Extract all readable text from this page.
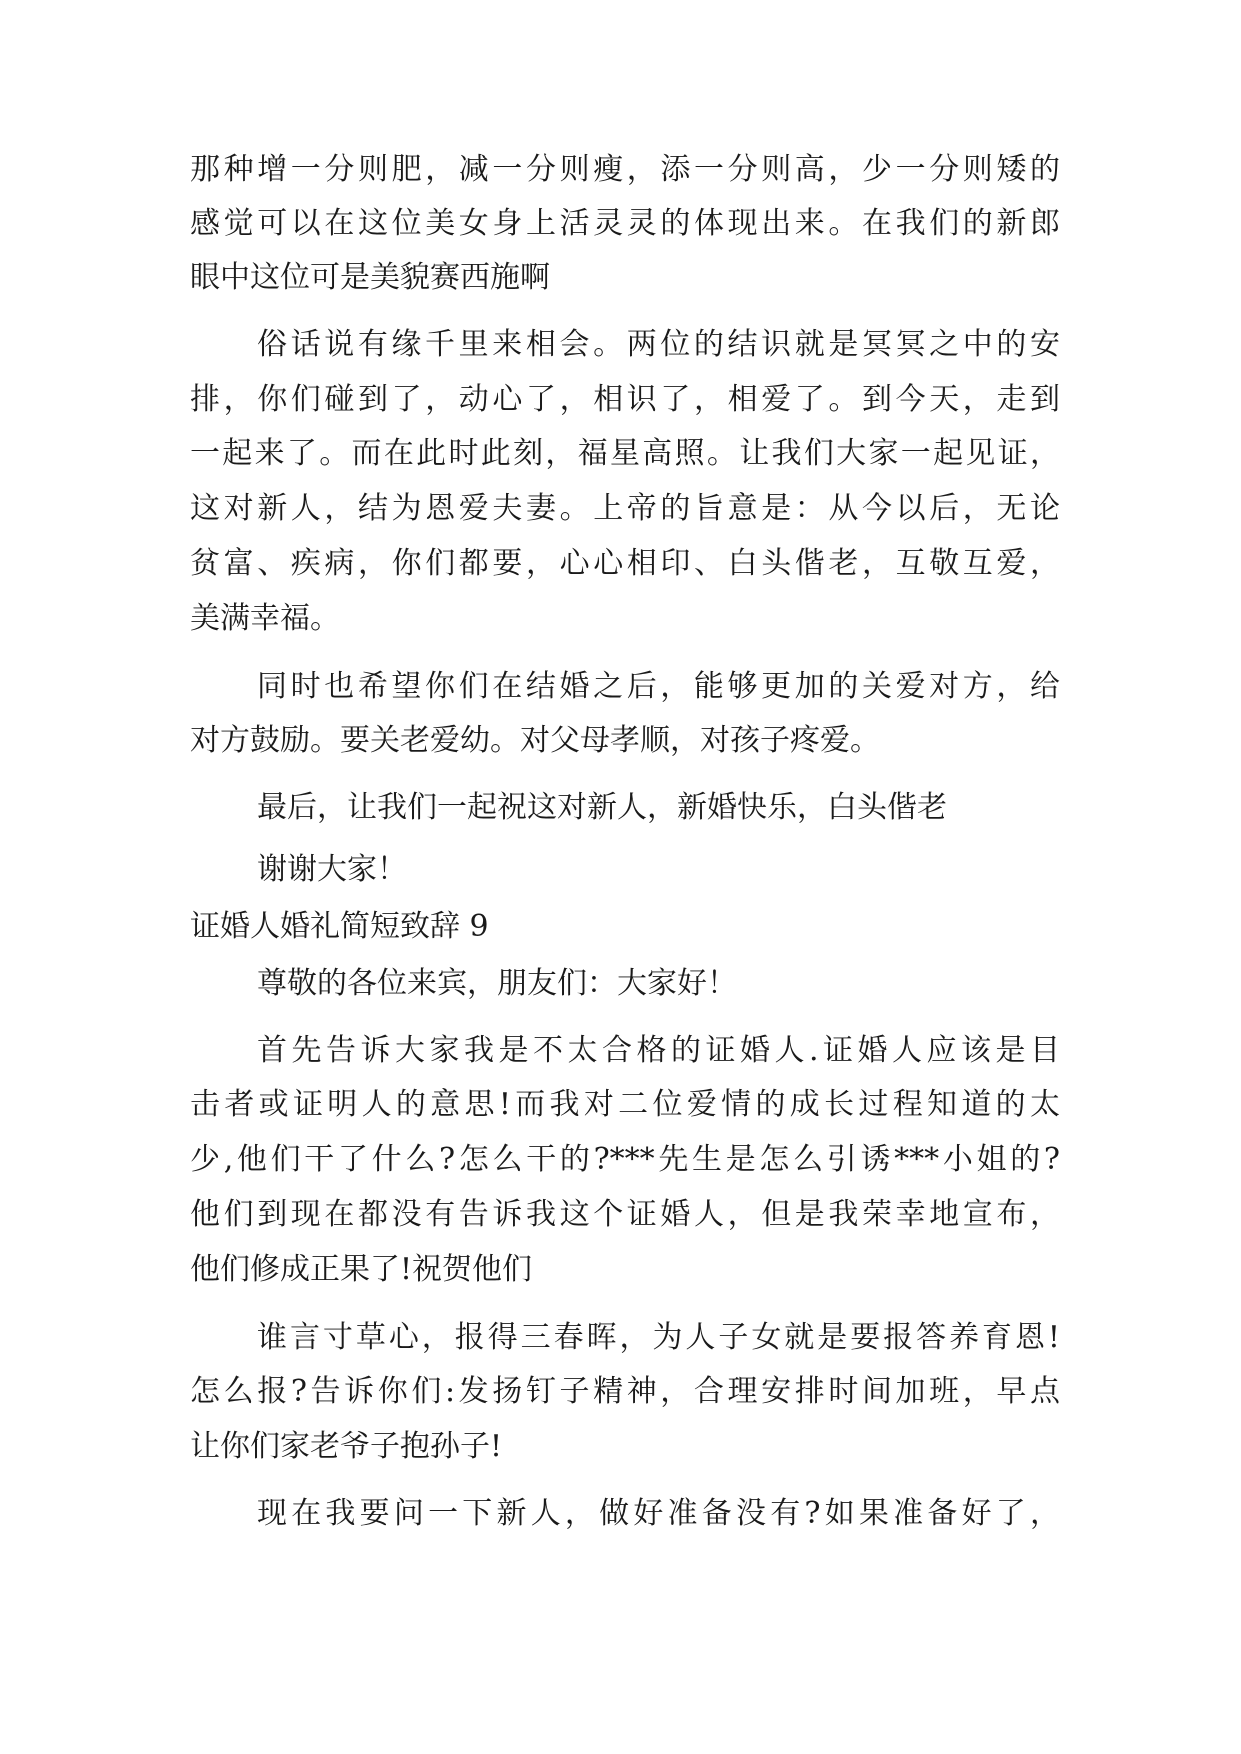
那种增一分则肥，减一分则瘦，添一分则高，少一分则矮的
感觉可以在这位美女身上活灵灵的体现出来。在我们的新郎
眼中这位可是美貌赛西施啊
俗话说有缘千里来相会。两位的结识就是冥冥之中的安
排，你们碰到了，动心了，相识了，相爱了。到今天，走到
一起来了。而在此时此刻，福星高照。让我们大家一起见证，
这对新人，结为恩爱夫妻。上帝的旨意是：从今以后，无论
贫富、疾病，你们都要，心心相印、白头偕老，互敬互爱，
美满幸福。
同时也希望你们在结婚之后，能够更加的关爱对方，给
对方鼓励。要关老爱幼。对父母孝顺，对孩子疼爱。
最后，让我们一起祝这对新人，新婚快乐，白头偕老
谢谢大家！
证婚人婚礼简短致辞 9
尊敬的各位来宾，朋友们：大家好！
首先告诉大家我是不太合格的证婚人.证婚人应该是目
击者或证明人的意思!而我对二位爱情的成长过程知道的太
少,他们干了什么?怎么干的?***先生是怎么引诱***小姐的?
他们到现在都没有告诉我这个证婚人，但是我荣幸地宣布，
他们修成正果了!祝贺他们
谁言寸草心，报得三春晖，为人子女就是要报答养育恩!
怎么报?告诉你们:发扬钉子精神，合理安排时间加班，早点
让你们家老爷子抱孙子!
现在我要问一下新人，做好准备没有?如果准备好了，
